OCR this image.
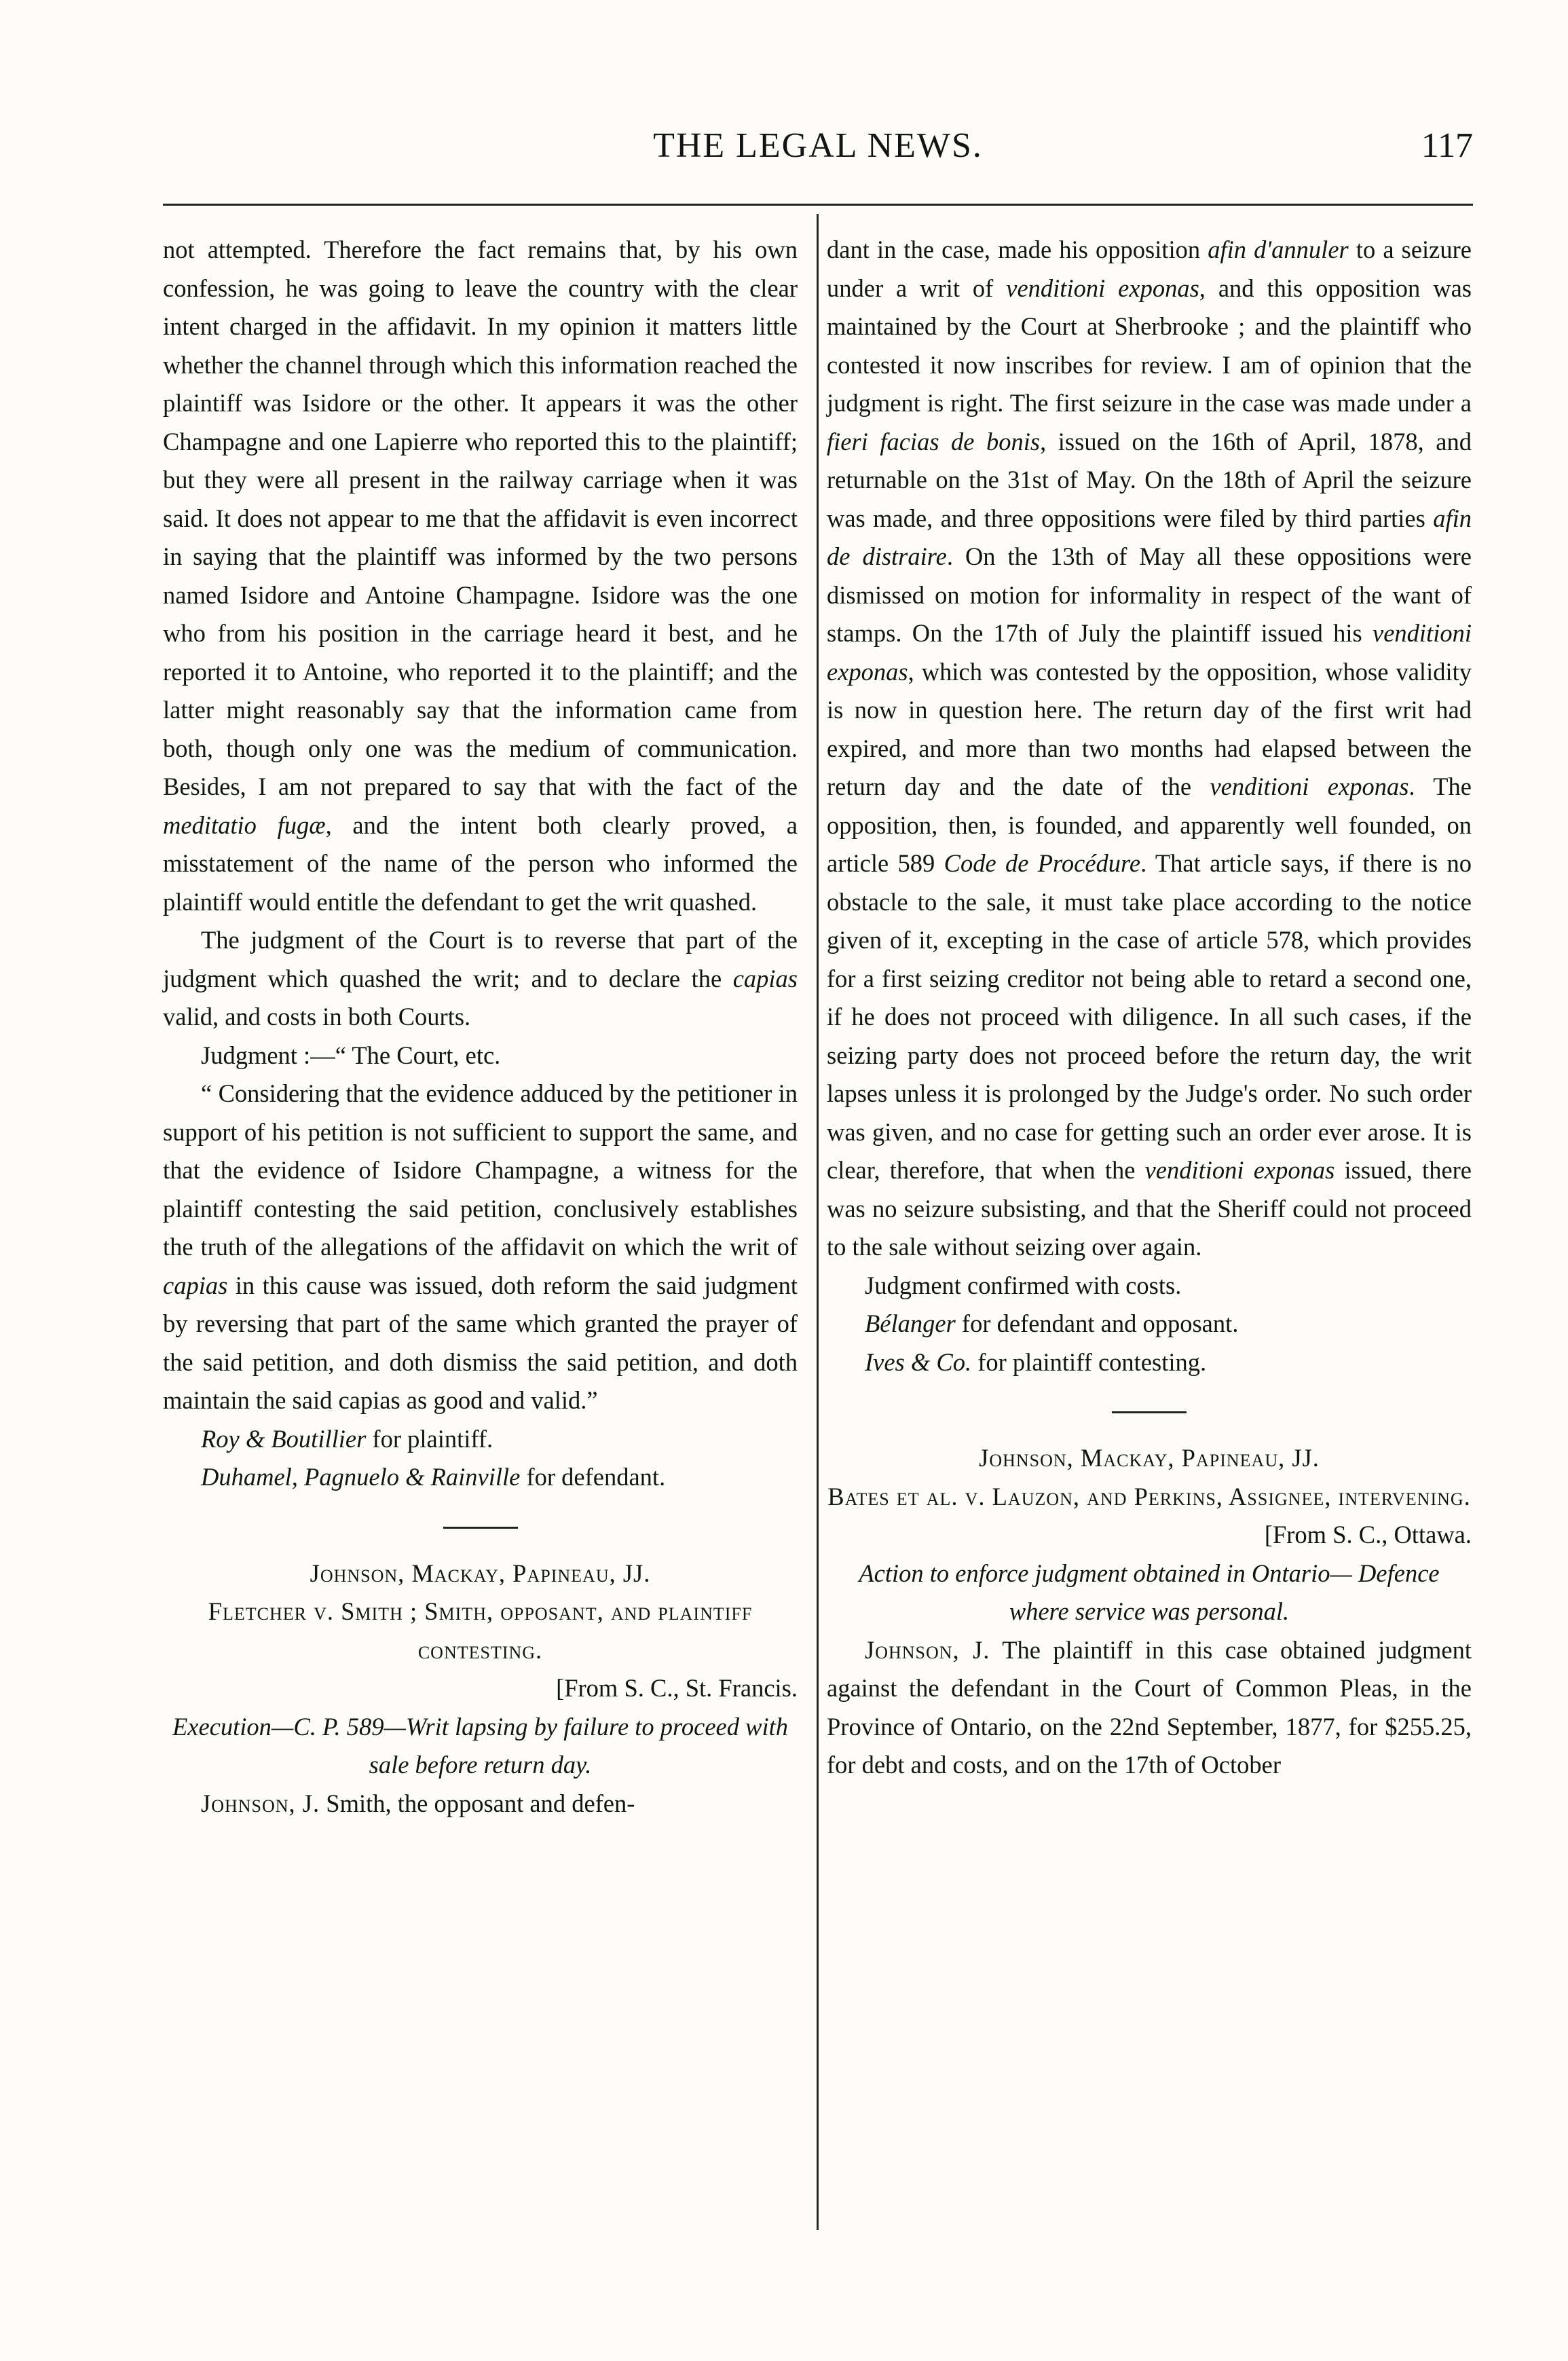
THE LEGAL NEWS.	117

not attempted. Therefore the fact remains that, by his own confession, he was going to leave the country with the clear intent charged in the affidavit. In my opinion it matters little whether the channel through which this information reached the plaintiff was Isidore or the other. It appears it was the other Champagne and one Lapierre who reported this to the plaintiff; but they were all present in the railway carriage when it was said. It does not appear to me that the affidavit is even incorrect in saying that the plaintiff was informed by the two persons named Isidore and Antoine Champagne. Isidore was the one who from his position in the carriage heard it best, and he reported it to Antoine, who reported it to the plaintiff; and the latter might reasonably say that the information came from both, though only one was the medium of communication. Besides, I am not prepared to say that with the fact of the meditatio fugæ, and the intent both clearly proved, a misstatement of the name of the person who informed the plaintiff would entitle the defendant to get the writ quashed.

The judgment of the Court is to reverse that part of the judgment which quashed the writ; and to declare the capias valid, and costs in both Courts.

Judgment :—“ The Court, etc.

“ Considering that the evidence adduced by the petitioner in support of his petition is not sufficient to support the same, and that the evidence of Isidore Champagne, a witness for the plaintiff contesting the said petition, conclusively establishes the truth of the allegations of the affidavit on which the writ of capias in this cause was issued, doth reform the said judgment by reversing that part of the same which granted the prayer of the said petition, and doth dismiss the said petition, and doth maintain the said capias as good and valid.”

Roy & Boutillier for plaintiff.

Duhamel, Pagnuelo & Rainville for defendant.

Johnson, Mackay, Papineau, JJ.

Fletcher v. Smith ; Smith, opposant, and plaintiff contesting.

[From S. C., St. Francis.

Execution—C. P. 589—Writ lapsing by failure to proceed with sale before return day.

Johnson, J. Smith, the opposant and defen-

dant in the case, made his opposition afin d'annuler to a seizure under a writ of venditioni exponas, and this opposition was maintained by the Court at Sherbrooke ; and the plaintiff who contested it now inscribes for review. I am of opinion that the judgment is right. The first seizure in the case was made under a fieri facias de bonis, issued on the 16th of April, 1878, and returnable on the 31st of May. On the 18th of April the seizure was made, and three oppositions were filed by third parties afin de distraire. On the 13th of May all these oppositions were dismissed on motion for informality in respect of the want of stamps. On the 17th of July the plaintiff issued his venditioni exponas, which was contested by the opposition, whose validity is now in question here. The return day of the first writ had expired, and more than two months had elapsed between the return day and the date of the venditioni exponas. The opposition, then, is founded, and apparently well founded, on article 589 Code de Procédure. That article says, if there is no obstacle to the sale, it must take place according to the notice given of it, excepting in the case of article 578, which provides for a first seizing creditor not being able to retard a second one, if he does not proceed with diligence. In all such cases, if the seizing party does not proceed before the return day, the writ lapses unless it is prolonged by the Judge's order. No such order was given, and no case for getting such an order ever arose. It is clear, therefore, that when the venditioni exponas issued, there was no seizure subsisting, and that the Sheriff could not proceed to the sale without seizing over again.

Judgment confirmed with costs.

Bélanger for defendant and opposant.

Ives & Co. for plaintiff contesting.

Johnson, Mackay, Papineau, JJ.

Bates et al. v. Lauzon, and Perkins, Assignee, intervening.

[From S. C., Ottawa.

Action to enforce judgment obtained in Ontario— Defence where service was personal.

Johnson, J. The plaintiff in this case obtained judgment against the defendant in the Court of Common Pleas, in the Province of Ontario, on the 22nd September, 1877, for $255.25, for debt and costs, and on the 17th of October
